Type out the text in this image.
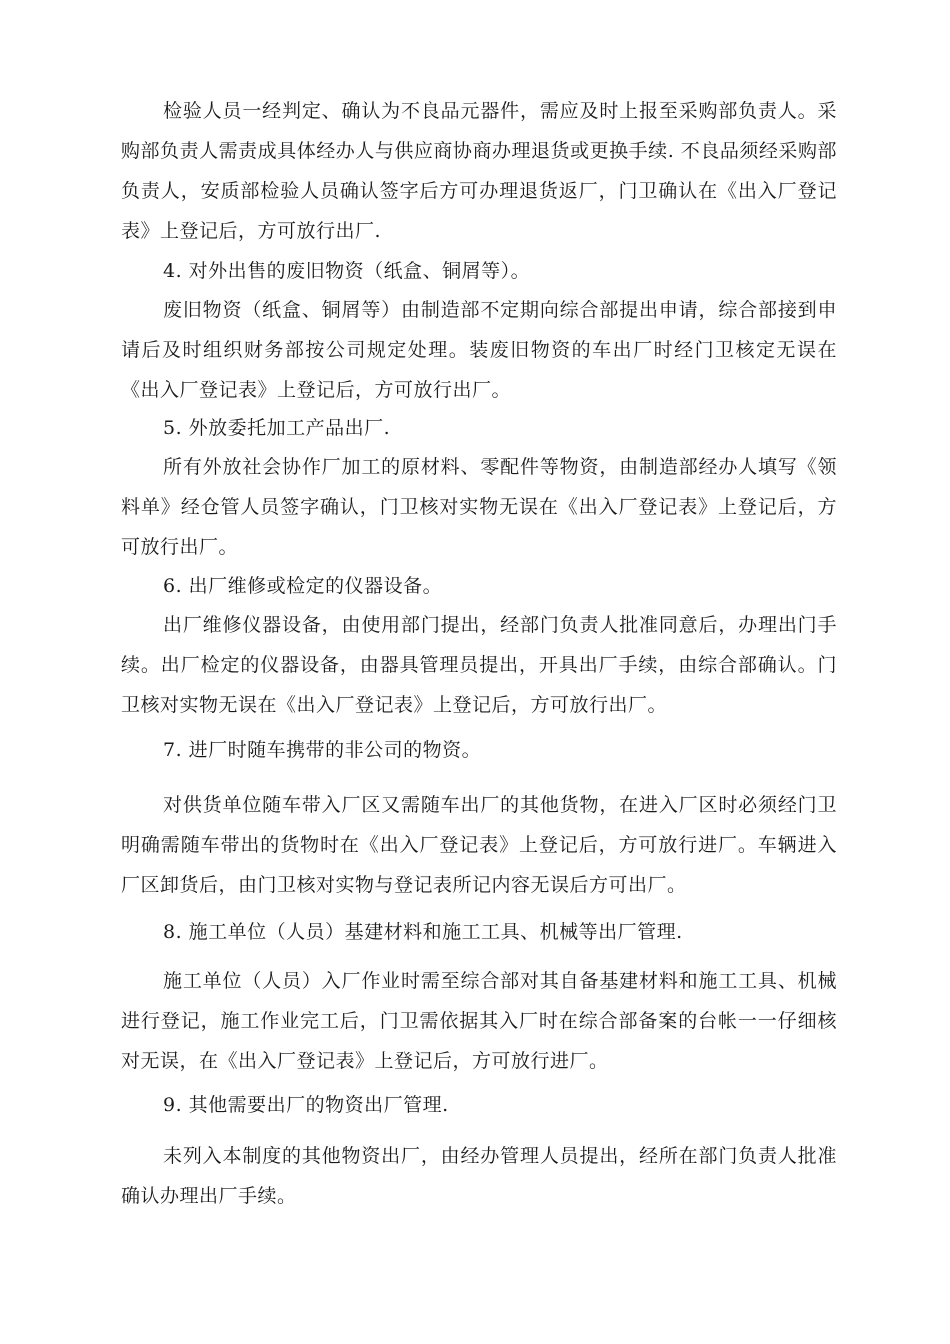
检验人员一经判定、确认为不良品元器件，需应及时上报至采购部负责人。采购部负责人需责成具体经办人与供应商协商办理退货或更换手续. 不良品须经采购部负责人，安质部检验人员确认签字后方可办理退货返厂，门卫确认在《出入厂登记表》上登记后，方可放行出厂.

4. 对外出售的废旧物资（纸盒、铜屑等）。

废旧物资（纸盒、铜屑等）由制造部不定期向综合部提出申请，综合部接到申请后及时组织财务部按公司规定处理。装废旧物资的车出厂时经门卫核定无误在《出入厂登记表》上登记后，方可放行出厂。

5. 外放委托加工产品出厂.

所有外放社会协作厂加工的原材料、零配件等物资，由制造部经办人填写《领料单》经仓管人员签字确认，门卫核对实物无误在《出入厂登记表》上登记后，方可放行出厂。

6. 出厂维修或检定的仪器设备。

出厂维修仪器设备，由使用部门提出，经部门负责人批准同意后，办理出门手续。出厂检定的仪器设备，由器具管理员提出，开具出厂手续，由综合部确认。门卫核对实物无误在《出入厂登记表》上登记后，方可放行出厂。

7. 进厂时随车携带的非公司的物资。

对供货单位随车带入厂区又需随车出厂的其他货物，在进入厂区时必须经门卫明确需随车带出的货物时在《出入厂登记表》上登记后，方可放行进厂。车辆进入厂区卸货后，由门卫核对实物与登记表所记内容无误后方可出厂。

8. 施工单位（人员）基建材料和施工工具、机械等出厂管理.

施工单位（人员）入厂作业时需至综合部对其自备基建材料和施工工具、机械进行登记，施工作业完工后，门卫需依据其入厂时在综合部备案的台帐一一仔细核对无误，在《出入厂登记表》上登记后，方可放行进厂。

9. 其他需要出厂的物资出厂管理.

未列入本制度的其他物资出厂，由经办管理人员提出，经所在部门负责人批准确认办理出厂手续。
